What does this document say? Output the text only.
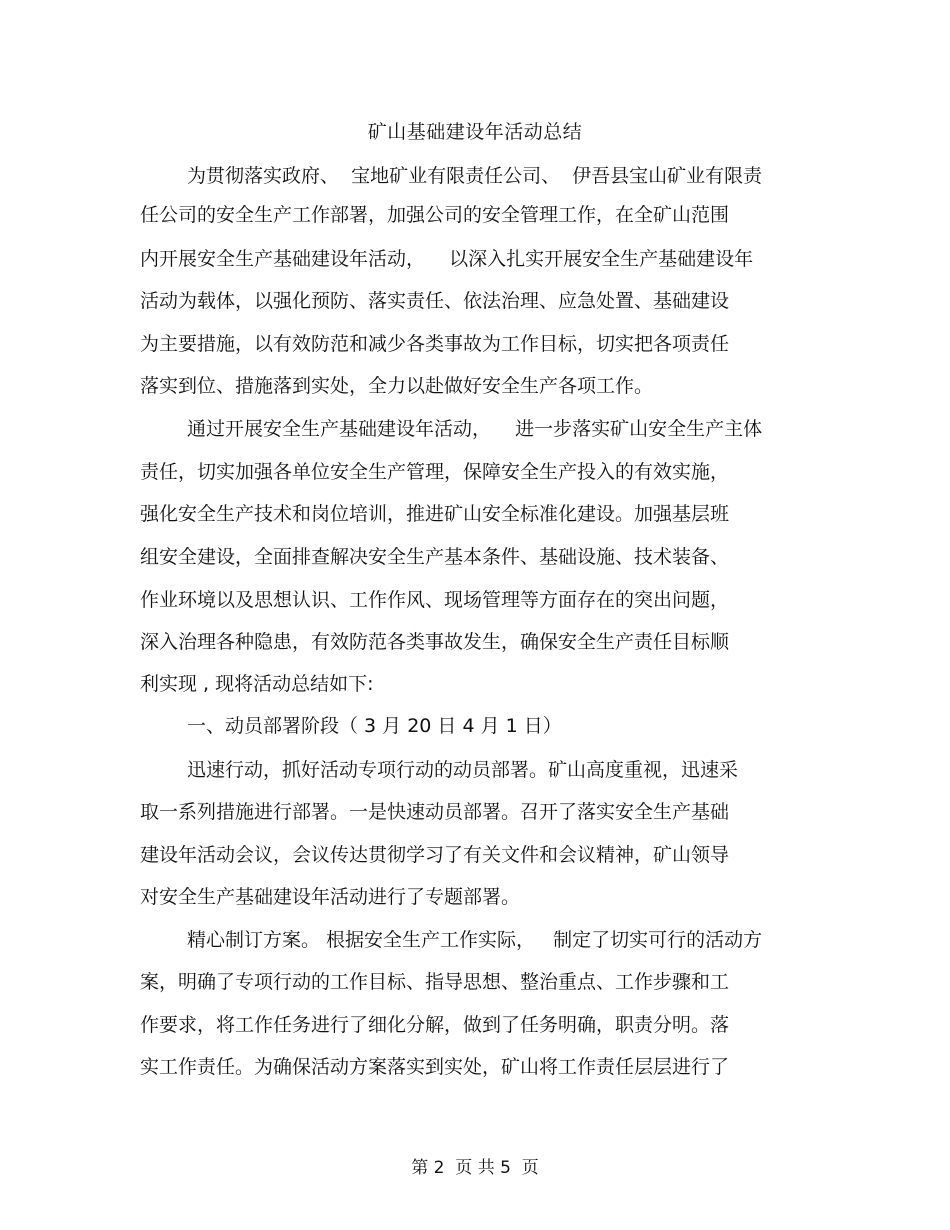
矿山基础建设年活动总结
为贯彻落实政府、  宝地矿业有限责任公司、  伊吾县宝山矿业有限责
任公司的安全生产工作部署，加强公司的安全管理工作，在全矿山范围
内开展安全生产基础建设年活动，    以深入扎实开展安全生产基础建设年
活动为载体，以强化预防、落实责任、依法治理、应急处置、基础建设
为主要措施，以有效防范和减少各类事故为工作目标，切实把各项责任
落实到位、措施落到实处，全力以赴做好安全生产各项工作。
通过开展安全生产基础建设年活动，    进一步落实矿山安全生产主体
责任，切实加强各单位安全生产管理，保障安全生产投入的有效实施，
强化安全生产技术和岗位培训，推进矿山安全标准化建设。加强基层班
组安全建设，全面排查解决安全生产基本条件、基础设施、技术装备、
作业环境以及思想认识、工作作风、现场管理等方面存在的突出问题，
深入治理各种隐患，有效防范各类事故发生，确保安全生产责任目标顺
利实现 , 现将活动总结如下:
一、动员部署阶段（ 3 月 20 日 4 月 1 日）
迅速行动，抓好活动专项行动的动员部署。矿山高度重视，迅速采
取一系列措施进行部署。一是快速动员部署。召开了落实安全生产基础
建设年活动会议，会议传达贯彻学习了有关文件和会议精神，矿山领导
对安全生产基础建设年活动进行了专题部署。
精心制订方案。 根据安全生产工作实际，   制定了切实可行的活动方
案，明确了专项行动的工作目标、指导思想、整治重点、工作步骤和工
作要求，将工作任务进行了细化分解，做到了任务明确，职责分明。落
实工作责任。为确保活动方案落实到实处，矿山将工作责任层层进行了
第 2  页 共 5  页
